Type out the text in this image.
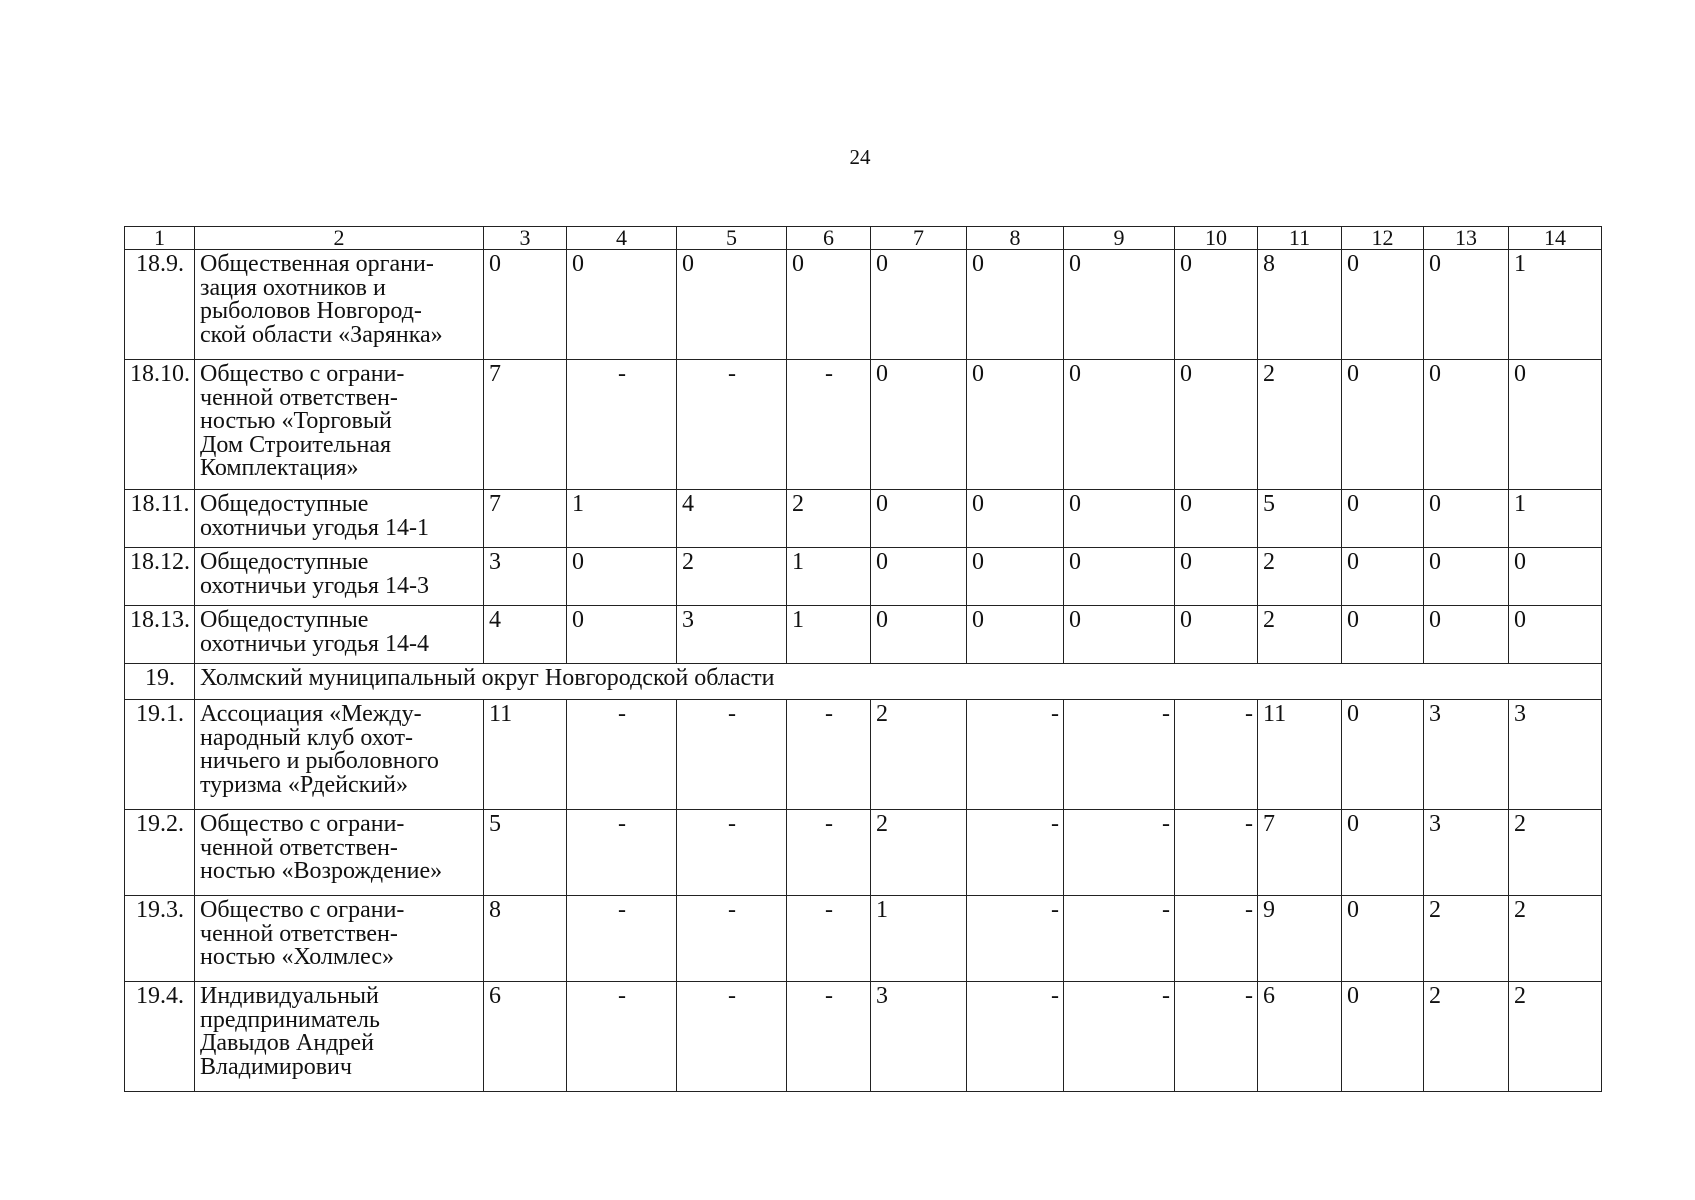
24
1	2	3	4	5	6	7	8	9	10	11	12	13	14
18.9.	Общественная органи-
зация охотников и
рыболовов Новгород-
ской области «Зарянка»	0	0	0	0	0	0	0	0	8	0	0	1
18.10.	Общество с ограни-
ченной ответствен-
ностью «Торговый
Дом Строительная
Комплектация»	7	-	-	-	0	0	0	0	2	0	0	0
18.11.	Общедоступные
охотничьи угодья 14-1	7	1	4	2	0	0	0	0	5	0	0	1
18.12.	Общедоступные
охотничьи угодья 14-3	3	0	2	1	0	0	0	0	2	0	0	0
18.13.	Общедоступные
охотничьи угодья 14-4	4	0	3	1	0	0	0	0	2	0	0	0
19.	Холмский муниципальный округ Новгородской области												
19.1.	Ассоциация «Между-
народный клуб охот-
ничьего и рыболовного
туризма «Рдейский»	11	-	-	-	2	-	-	-	11	0	3	3
19.2.	Общество с ограни-
ченной ответствен-
ностью «Возрождение»	5	-	-	-	2	-	-	-	7	0	3	2
19.3.	Общество с ограни-
ченной ответствен-
ностью «Холмлес»	8	-	-	-	1	-	-	-	9	0	2	2
19.4.	Индивидуальный
предприниматель
Давыдов Андрей
Владимирович	6	-	-	-	3	-	-	-	6	0	2	2
